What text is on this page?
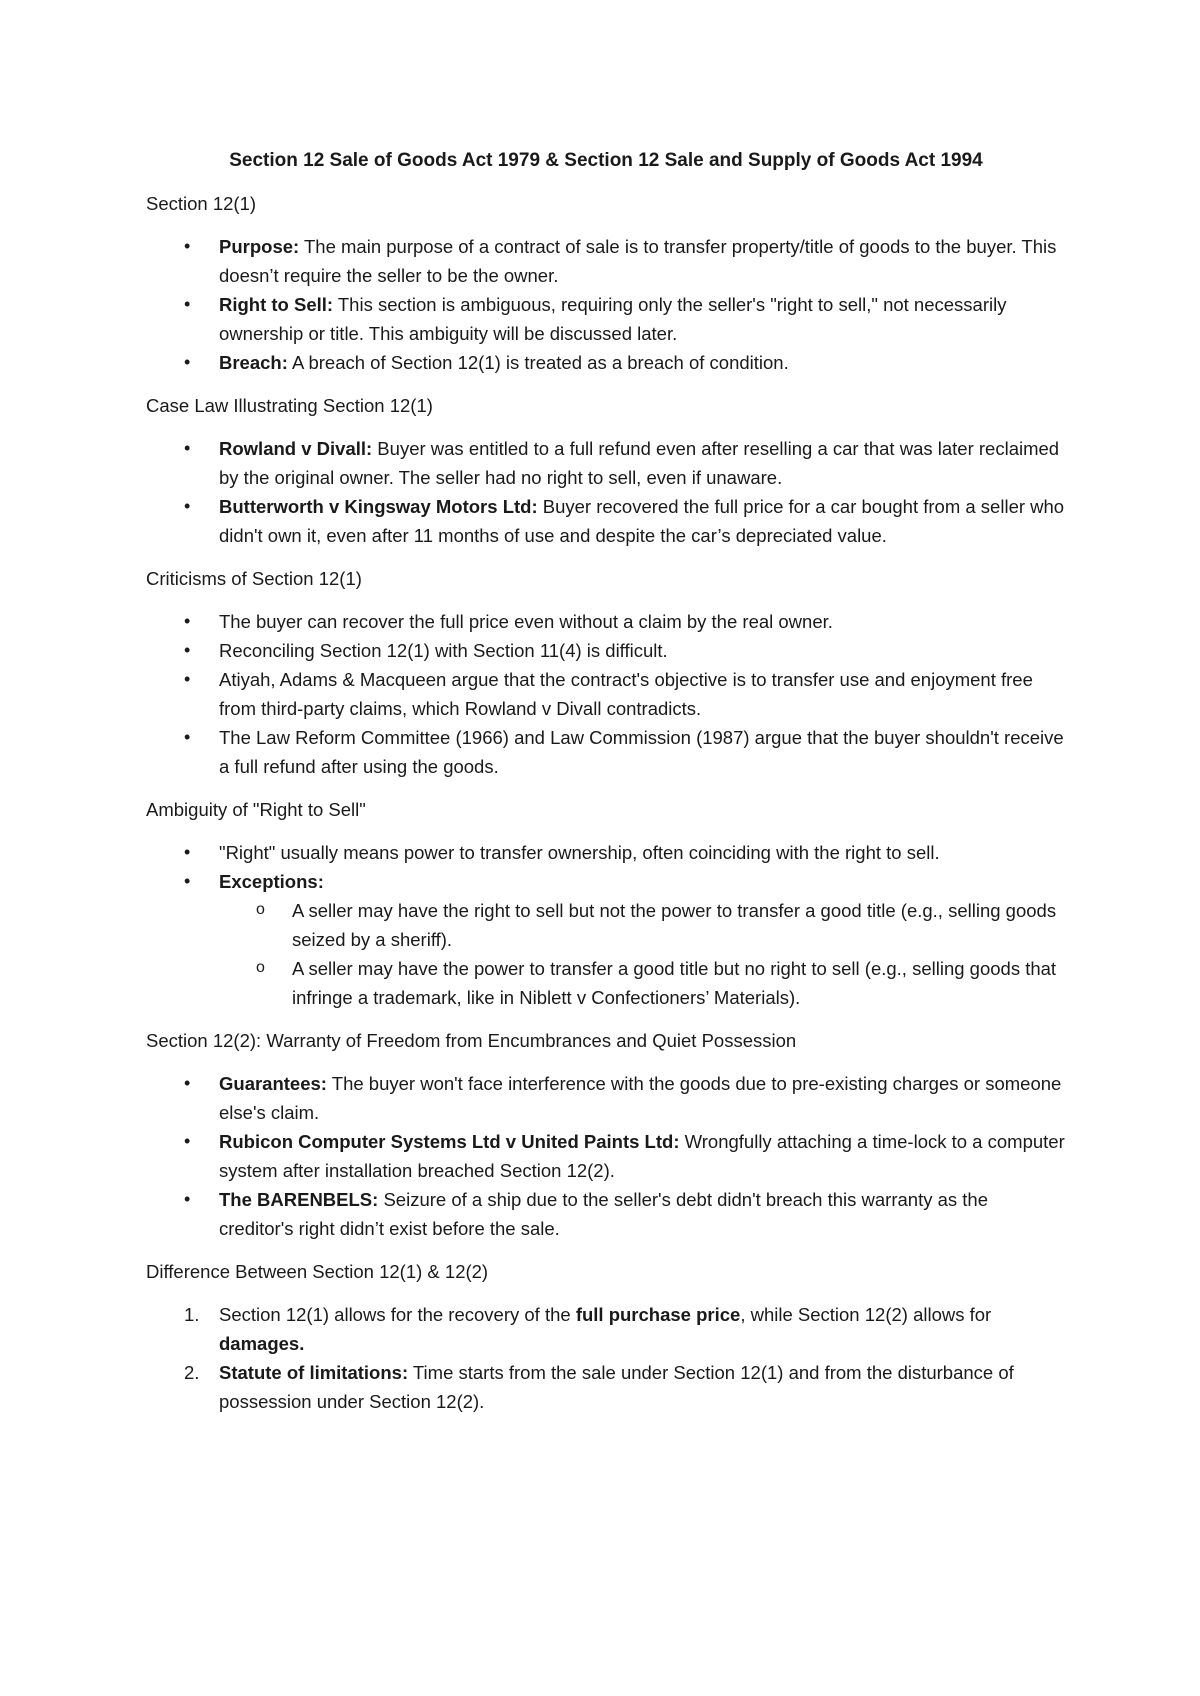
Section 12 Sale of Goods Act 1979 & Section 12 Sale and Supply of Goods Act 1994
Section 12(1)
• Purpose: The main purpose of a contract of sale is to transfer property/title of goods to the buyer. This doesn’t require the seller to be the owner.
• Right to Sell: This section is ambiguous, requiring only the seller's "right to sell," not necessarily ownership or title. This ambiguity will be discussed later.
• Breach: A breach of Section 12(1) is treated as a breach of condition.
Case Law Illustrating Section 12(1)
• Rowland v Divall: Buyer was entitled to a full refund even after reselling a car that was later reclaimed by the original owner. The seller had no right to sell, even if unaware.
• Butterworth v Kingsway Motors Ltd: Buyer recovered the full price for a car bought from a seller who didn't own it, even after 11 months of use and despite the car’s depreciated value.
Criticisms of Section 12(1)
• The buyer can recover the full price even without a claim by the real owner.
• Reconciling Section 12(1) with Section 11(4) is difficult.
• Atiyah, Adams & Macqueen argue that the contract's objective is to transfer use and enjoyment free from third-party claims, which Rowland v Divall contradicts.
• The Law Reform Committee (1966) and Law Commission (1987) argue that the buyer shouldn't receive a full refund after using the goods.
Ambiguity of "Right to Sell"
• "Right" usually means power to transfer ownership, often coinciding with the right to sell.
• Exceptions:
o A seller may have the right to sell but not the power to transfer a good title (e.g., selling goods seized by a sheriff).
o A seller may have the power to transfer a good title but no right to sell (e.g., selling goods that infringe a trademark, like in Niblett v Confectioners’ Materials).
Section 12(2): Warranty of Freedom from Encumbrances and Quiet Possession
• Guarantees: The buyer won't face interference with the goods due to pre-existing charges or someone else's claim.
• Rubicon Computer Systems Ltd v United Paints Ltd: Wrongfully attaching a time-lock to a computer system after installation breached Section 12(2).
• The BARENBELS: Seizure of a ship due to the seller's debt didn't breach this warranty as the creditor's right didn’t exist before the sale.
Difference Between Section 12(1) & 12(2)
1. Section 12(1) allows for the recovery of the full purchase price, while Section 12(2) allows for damages.
2. Statute of limitations: Time starts from the sale under Section 12(1) and from the disturbance of possession under Section 12(2).
